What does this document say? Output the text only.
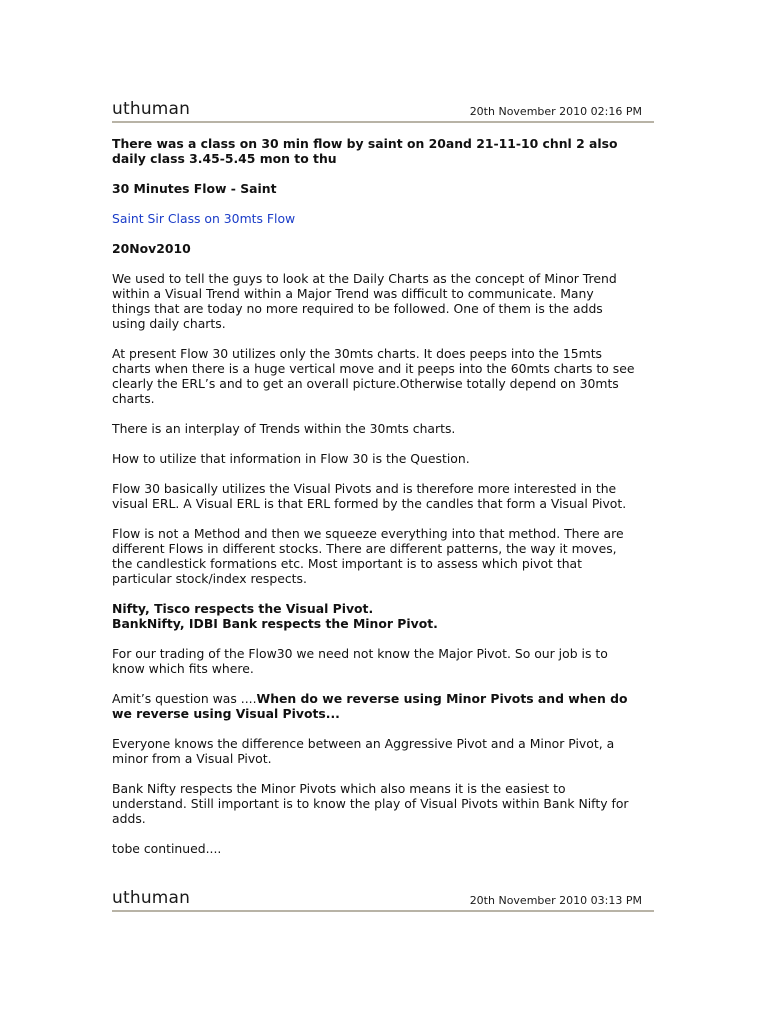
uthuman	20th November 2010 02:16 PM

There was a class on 30 min flow by saint on 20and 21-11-10 chnl 2 also
daily class 3.45-5.45 mon to thu

30 Minutes Flow - Saint

Saint Sir Class on 30mts Flow

20Nov2010

We used to tell the guys to look at the Daily Charts as the concept of Minor Trend
within a Visual Trend within a Major Trend was difficult to communicate. Many
things that are today no more required to be followed. One of them is the adds
using daily charts.

At present Flow 30 utilizes only the 30mts charts. It does peeps into the 15mts
charts when there is a huge vertical move and it peeps into the 60mts charts to see
clearly the ERL’s and to get an overall picture.Otherwise totally depend on 30mts
charts.

There is an interplay of Trends within the 30mts charts.

How to utilize that information in Flow 30 is the Question.

Flow 30 basically utilizes the Visual Pivots and is therefore more interested in the
visual ERL. A Visual ERL is that ERL formed by the candles that form a Visual Pivot.

Flow is not a Method and then we squeeze everything into that method. There are
different Flows in different stocks. There are different patterns, the way it moves,
the candlestick formations etc. Most important is to assess which pivot that
particular stock/index respects.

Nifty, Tisco respects the Visual Pivot.
BankNifty, IDBI Bank respects the Minor Pivot.

For our trading of the Flow30 we need not know the Major Pivot. So our job is to
know which fits where.

Amit’s question was ....When do we reverse using Minor Pivots and when do
we reverse using Visual Pivots...

Everyone knows the difference between an Aggressive Pivot and a Minor Pivot, a
minor from a Visual Pivot.

Bank Nifty respects the Minor Pivots which also means it is the easiest to
understand. Still important is to know the play of Visual Pivots within Bank Nifty for
adds.

tobe continued....

uthuman	20th November 2010 03:13 PM
